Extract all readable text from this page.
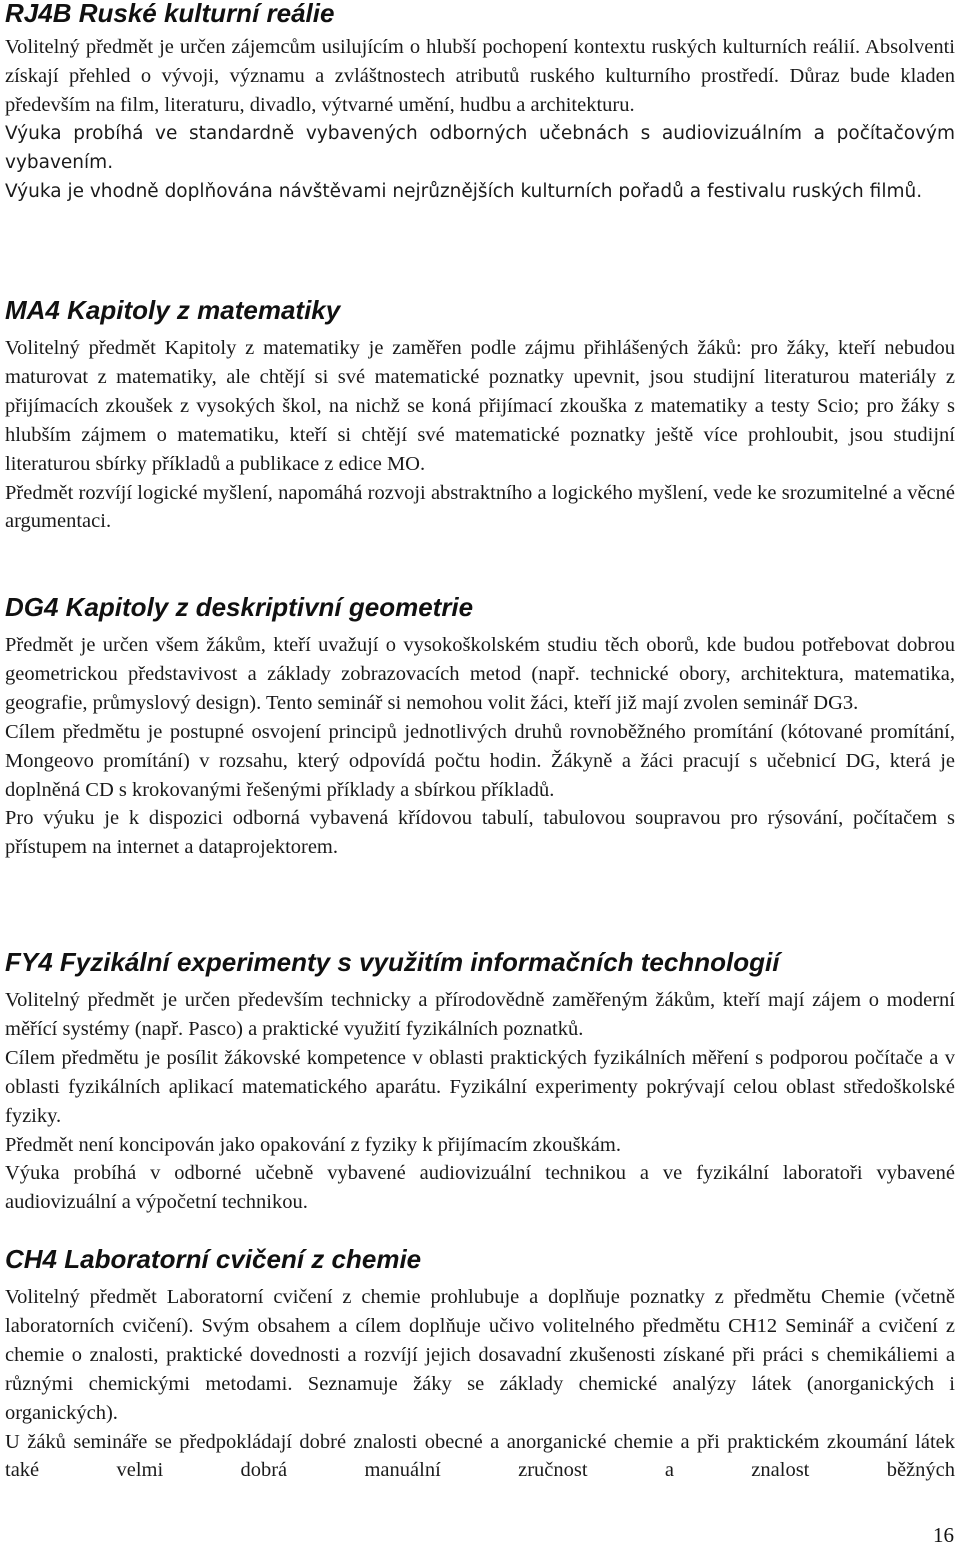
RJ4B Ruské kulturní reálie

Volitelný předmět je určen zájemcům usilujícím o hlubší pochopení kontextu ruských kulturních reálií. Absolventi získají přehled o vývoji, významu a zvláštnostech atributů ruského kulturního prostředí. Důraz bude kladen především na film, literaturu, divadlo, výtvarné umění, hudbu a architekturu.

Výuka probíhá ve standardně vybavených odborných učebnách s audiovizuálním a počítačovým vybavením.

Výuka je vhodně doplňována návštěvami nejrůznějších kulturních pořadů a festivalu ruských filmů.

MA4 Kapitoly z matematiky

Volitelný předmět Kapitoly z matematiky je zaměřen podle zájmu přihlášených žáků: pro žáky, kteří nebudou maturovat z matematiky, ale chtějí si své matematické poznatky upevnit, jsou studijní literaturou materiály z přijímacích zkoušek z vysokých škol, na nichž se koná přijímací zkouška z matematiky a testy Scio; pro žáky s hlubším zájmem o matematiku, kteří si chtějí své matematické poznatky ještě více prohloubit, jsou studijní literaturou sbírky příkladů a publikace z edice MO.

Předmět rozvíjí logické myšlení, napomáhá rozvoji abstraktního a logického myšlení, vede ke srozumitelné a věcné argumentaci.

DG4 Kapitoly z deskriptivní geometrie

Předmět je určen všem žákům, kteří uvažují o vysokoškolském studiu těch oborů, kde budou potřebovat dobrou geometrickou představivost a základy zobrazovacích metod (např. technické obory, architektura, matematika, geografie, průmyslový design). Tento seminář si nemohou volit žáci, kteří již mají zvolen seminář DG3.

Cílem předmětu je postupné osvojení principů jednotlivých druhů rovnoběžného promítání (kótované promítání, Mongeovo promítání) v rozsahu, který odpovídá počtu hodin. Žákyně a žáci pracují s učebnicí DG, která je doplněná CD s krokovanými řešenými příklady a sbírkou příkladů.

Pro výuku je k dispozici odborná vybavená křídovou tabulí, tabulovou soupravou pro rýsování, počítačem s přístupem na internet a dataprojektorem.

FY4 Fyzikální experimenty s využitím informačních technologií

Volitelný předmět je určen především technicky a přírodovědně zaměřeným žákům, kteří mají zájem o moderní měřící systémy (např. Pasco) a praktické využití fyzikálních poznatků.

Cílem předmětu je posílit žákovské kompetence v oblasti praktických fyzikálních měření s podporou počítače a v oblasti fyzikálních aplikací matematického aparátu. Fyzikální experimenty pokrývají celou oblast středoškolské fyziky.

Předmět není koncipován jako opakování z fyziky k přijímacím zkouškám.

Výuka probíhá v odborné učebně vybavené audiovizuální technikou a ve fyzikální laboratoři vybavené audiovizuální a výpočetní technikou.

CH4 Laboratorní cvičení z chemie

Volitelný předmět Laboratorní cvičení z chemie prohlubuje a doplňuje poznatky z předmětu Chemie (včetně laboratorních cvičení). Svým obsahem a cílem doplňuje učivo volitelného předmětu CH12 Seminář a cvičení z chemie o znalosti, praktické dovednosti a rozvíjí jejich dosavadní zkušenosti získané při práci s chemikáliemi a různými chemickými metodami. Seznamuje žáky se základy chemické analýzy látek (anorganických i organických).

U žáků semináře se předpokládají dobré znalosti obecné a anorganické chemie a při praktickém zkoumání látek také velmi dobrá manuální zručnost a znalost běžných

16
